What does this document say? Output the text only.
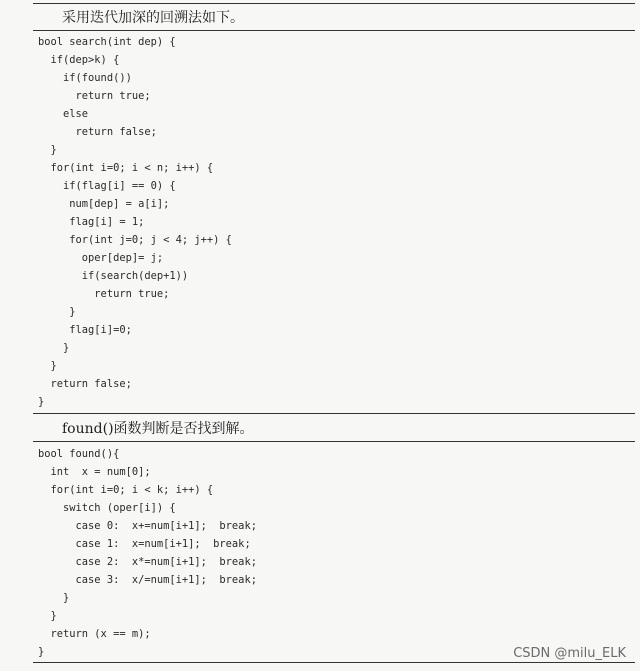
采用迭代加深的回溯法如下。
bool search(int dep) {
if(dep>k) {
if(found())
return true;
else
return false;
}
for(int i=0; i < n; i++) {
if(flag[i] == 0) {
num[dep] = a[i];
flag[i] = 1;
for(int j=0; j < 4; j++) {
oper[dep]= j;
if(search(dep+1))
return true;
}
flag[i]=0;
}
}
return false;
}
found()函数判断是否找到解。
bool found(){
int  x = num[0];
for(int i=0; i < k; i++) {
switch (oper[i]) {
case 0:  x+=num[i+1];  break;
case 1:  x=num[i+1];  break;
case 2:  x*=num[i+1];  break;
case 3:  x/=num[i+1];  break;
}
}
return (x == m);
}	CSDN @milu_ELK
